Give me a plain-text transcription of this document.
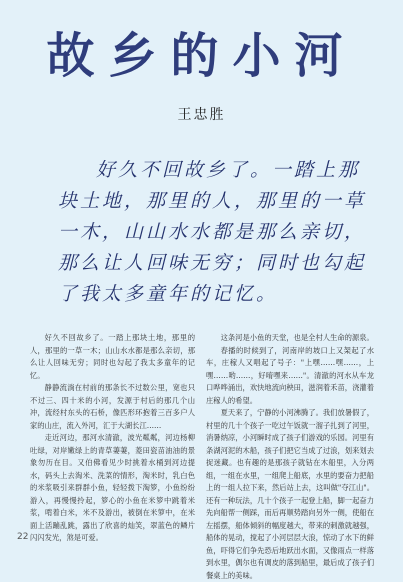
故乡的小河
王忠胜
好久不回故乡了。一踏上那块土地，那里的人，那里的一草一木，山山水水都是那么亲切，那么让人回味无穷；同时也勾起了我太多童年的记忆。

好久不回故乡了。一踏上那块土地，那里的人，那里的一草一木；山山水水都是那么亲切，那么让人回味无穷；同时也勾起了我太多童年的记忆。

静静流淌在村前的那条长不过数公里，宽也只不过三、四十米的小河，发源于村后的那几个山冲，流经村东头的石桥，像匹形环抱着三百多户人家的山庄，流入外河，汇于大湖长江……

走近河边，那河水清澈，波光粼粼，河边杨柳吐绿，对岸嫩绿上的青草萋萋，菱田瓷苗油油的景象勿历在目。又伯佛看见少时挑着水桶到河边提水，码头上去淘米、洗菜的情形，淘米时，乳白色的米浆吸引来群群小鱼，轻轻拨下淘箩，小鱼纷纷游入，再慢慢拎起，箩心的小鱼在米箩中跳着米浆，啃着白米，米不及游出，被倒在米箩中，在米面上活蹦乱跳，露出了欣喜的灿笑，翠蓝色的鳞片闪闪发光，煞是可爱。

这条河是小鱼的天堂，也是全村人生命的源泉。

春播的时候到了，河南岸的坡口上又架起了水车，庄稼人又唱起了号子："上嘿……嘿……，上嘿……哟……，好唷嘿来……"。清澈的河水从车龙口哗哗涌出，欢快地流向秧田，滋润着禾苗，浇灌着庄稼人的希望。

夏天来了，宁静的小河沸腾了。我们放暑假了，村里的几十个孩子一吃过午饭就一溜子扎到了河里，消暑纳凉，小河瞬时成了孩子们游戏的乐园。河里有条湖河泥的木船，孩子们把它当成了过浪，划来划去捉迷藏。也有趣的是那孩子就钻在木船里，入分两组，一组在水里，一组爬上船底，水里的要奋力把船上的一组人拉下来，然后站上去，这叫做"夺江山"。还有一种玩法，几十个孩子一起登上船，脚一起奋力先向船帮一侧踩，而后再顺势踏向另外一侧，使船在左摇摆，船体倾斜的幅度越大，带来的刺激就越强，船体的晃动，搅起了小河层层大浪，惊动了水下的鲜鱼，吓得它们争先恐后地跃出水面，又像雨点一样落到水里，偶尔也有调皮的落到船里，最后成了孩子们餐桌上的美味。

22
